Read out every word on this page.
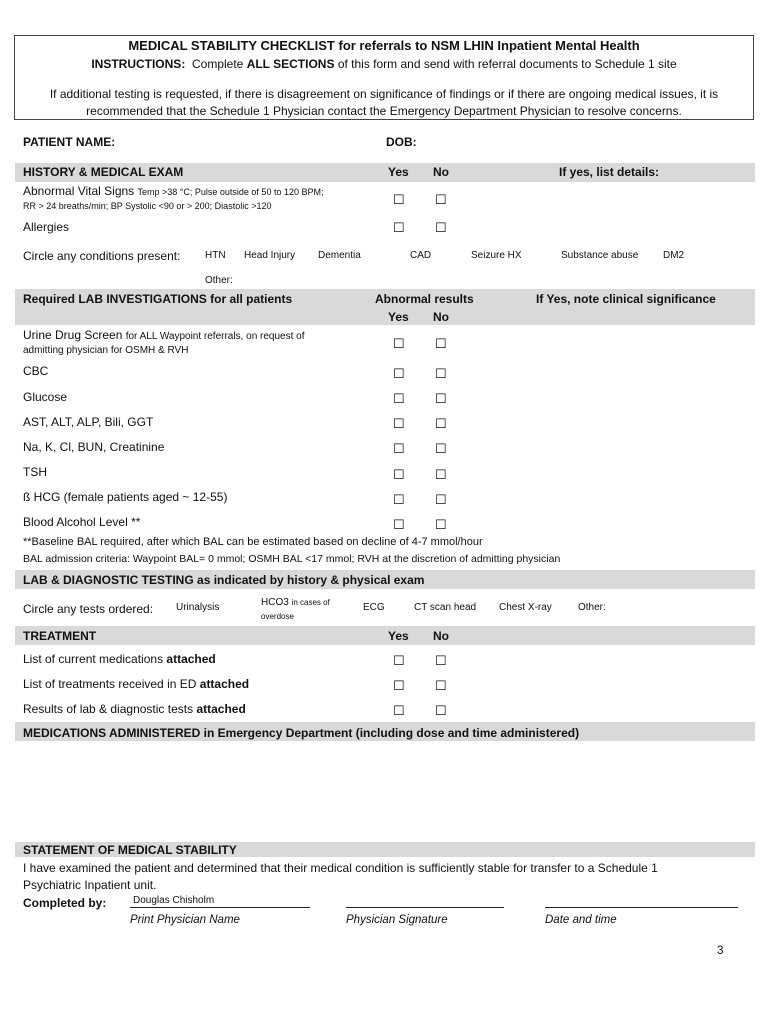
MEDICAL STABILITY CHECKLIST for referrals to NSM LHIN Inpatient Mental Health
INSTRUCTIONS: Complete ALL SECTIONS of this form and send with referral documents to Schedule 1 site
If additional testing is requested, if there is disagreement on significance of findings or if there are ongoing medical issues, it is
recommended that the Schedule 1 Physician contact the Emergency Department Physician to resolve concerns.
PATIENT NAME:	DOB:
HISTORY & MEDICAL EXAM	Yes No	If yes, list details:
Abnormal Vital Signs Temp >38 °C; Pulse outside of 50 to 120 BPM;
RR > 24 breaths/min; BP Systolic <90 or > 200; Diastolic >120	☐ ☐
Allergies	☐ ☐
Circle any conditions present: HTN Head Injury Dementia	CAD	Seizure HX	Substance abuse DM2
Other:
Required LAB INVESTIGATIONS for all patients	Abnormal results	If Yes, note clinical significance
Yes No
Urine Drug Screen for ALL Waypoint referrals, on request of
admitting physician for OSMH & RVH	☐ ☐
CBC	☐ ☐
Glucose	☐ ☐
AST, ALT, ALP, Bili, GGT	☐ ☐
Na, K, Cl, BUN, Creatinine	☐ ☐
TSH	☐ ☐
ß HCG (female patients aged ~ 12-55)	☐ ☐
Blood Alcohol Level **	☐ ☐
**Baseline BAL required, after which BAL can be estimated based on decline of 4-7 mmol/hour
BAL admission criteria: Waypoint BAL= 0 mmol; OSMH BAL <17 mmol; RVH at the discretion of admitting physician
LAB & DIAGNOSTIC TESTING as indicated by history & physical exam
Circle any tests ordered: Urinalysis	HCO3 in cases of
overdose
ECG	CT scan head Chest X-ray	Other:
TREATMENT	Yes No
List of current medications attached	☐ ☐
List of treatments received in ED attached	☐ ☐
Results of lab & diagnostic tests attached	☐ ☐
MEDICATIONS ADMINISTERED in Emergency Department (including dose and time administered)
STATEMENT OF MEDICAL STABILITY
I have examined the patient and determined that their medical condition is sufficiently stable for transfer to a Schedule 1
Psychiatric Inpatient unit.
Completed by:	Douglas Chisholm
Print Physician Name	Physician Signature	Date and time
3
